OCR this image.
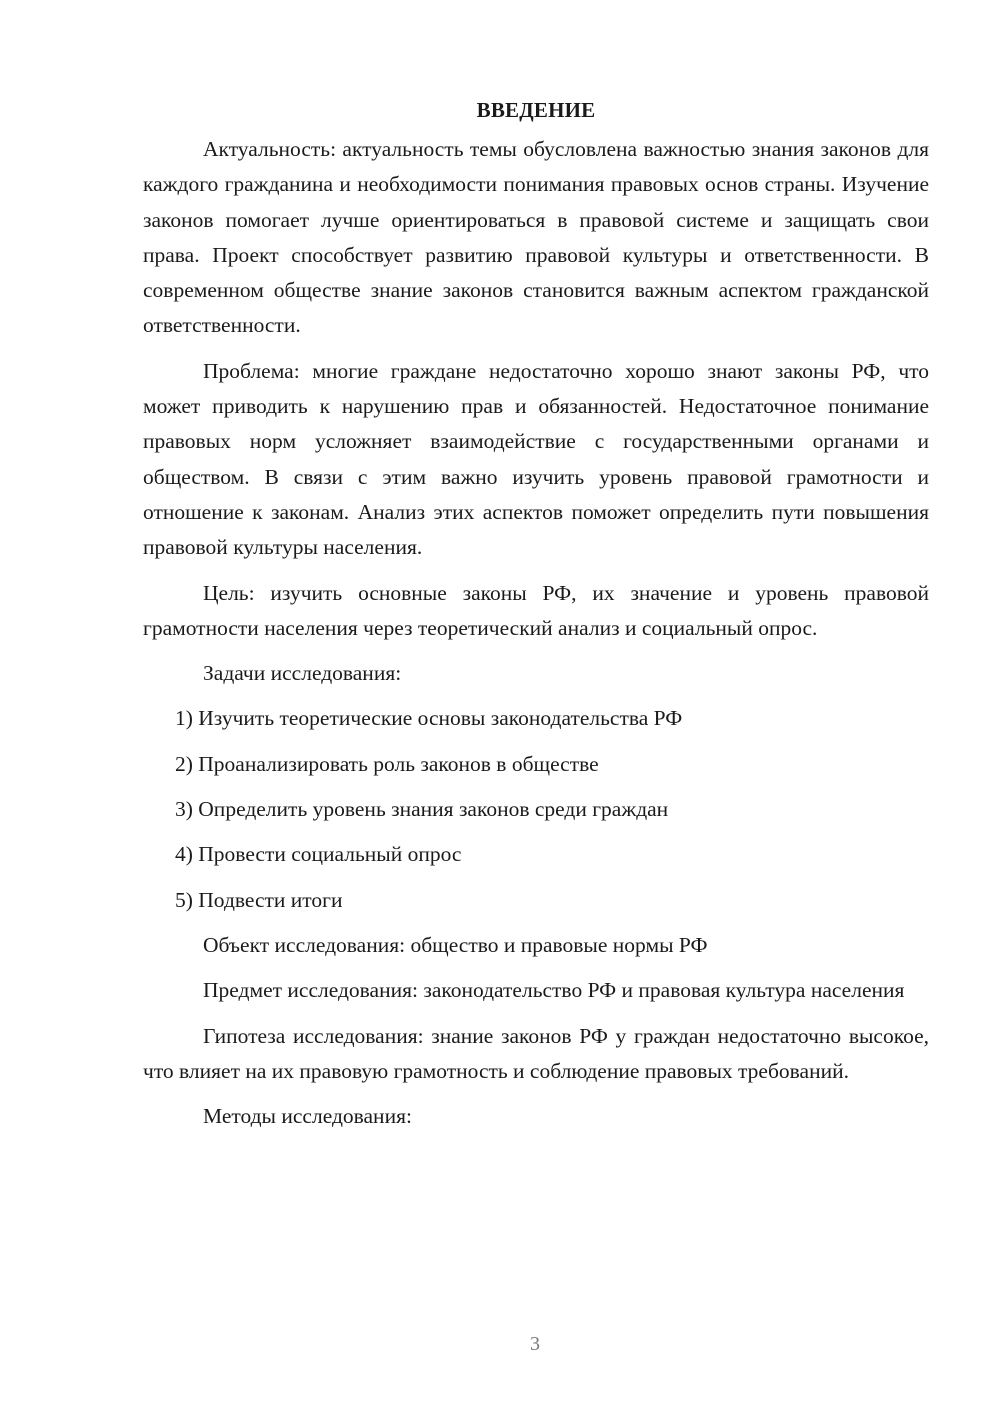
ВВЕДЕНИЕ

Актуальность: актуальность темы обусловлена важностью знания законов для каждого гражданина и необходимости понимания правовых основ страны. Изучение законов помогает лучше ориентироваться в правовой системе и защищать свои права. Проект способствует развитию правовой культуры и ответственности. В современном обществе знание законов становится важным аспектом гражданской ответственности.

Проблема: многие граждане недостаточно хорошо знают законы РФ, что может приводить к нарушению прав и обязанностей. Недостаточное понимание правовых норм усложняет взаимодействие с государственными органами и обществом. В связи с этим важно изучить уровень правовой грамотности и отношение к законам. Анализ этих аспектов поможет определить пути повышения правовой культуры населения.

Цель: изучить основные законы РФ, их значение и уровень правовой грамотности населения через теоретический анализ и социальный опрос.

Задачи исследования:

1) Изучить теоретические основы законодательства РФ
2) Проанализировать роль законов в обществе
3) Определить уровень знания законов среди граждан
4) Провести социальный опрос
5) Подвести итоги

Объект исследования: общество и правовые нормы РФ

Предмет исследования: законодательство РФ и правовая культура населения

Гипотеза исследования: знание законов РФ у граждан недостаточно высокое, что влияет на их правовую грамотность и соблюдение правовых требований.

Методы исследования:

3
